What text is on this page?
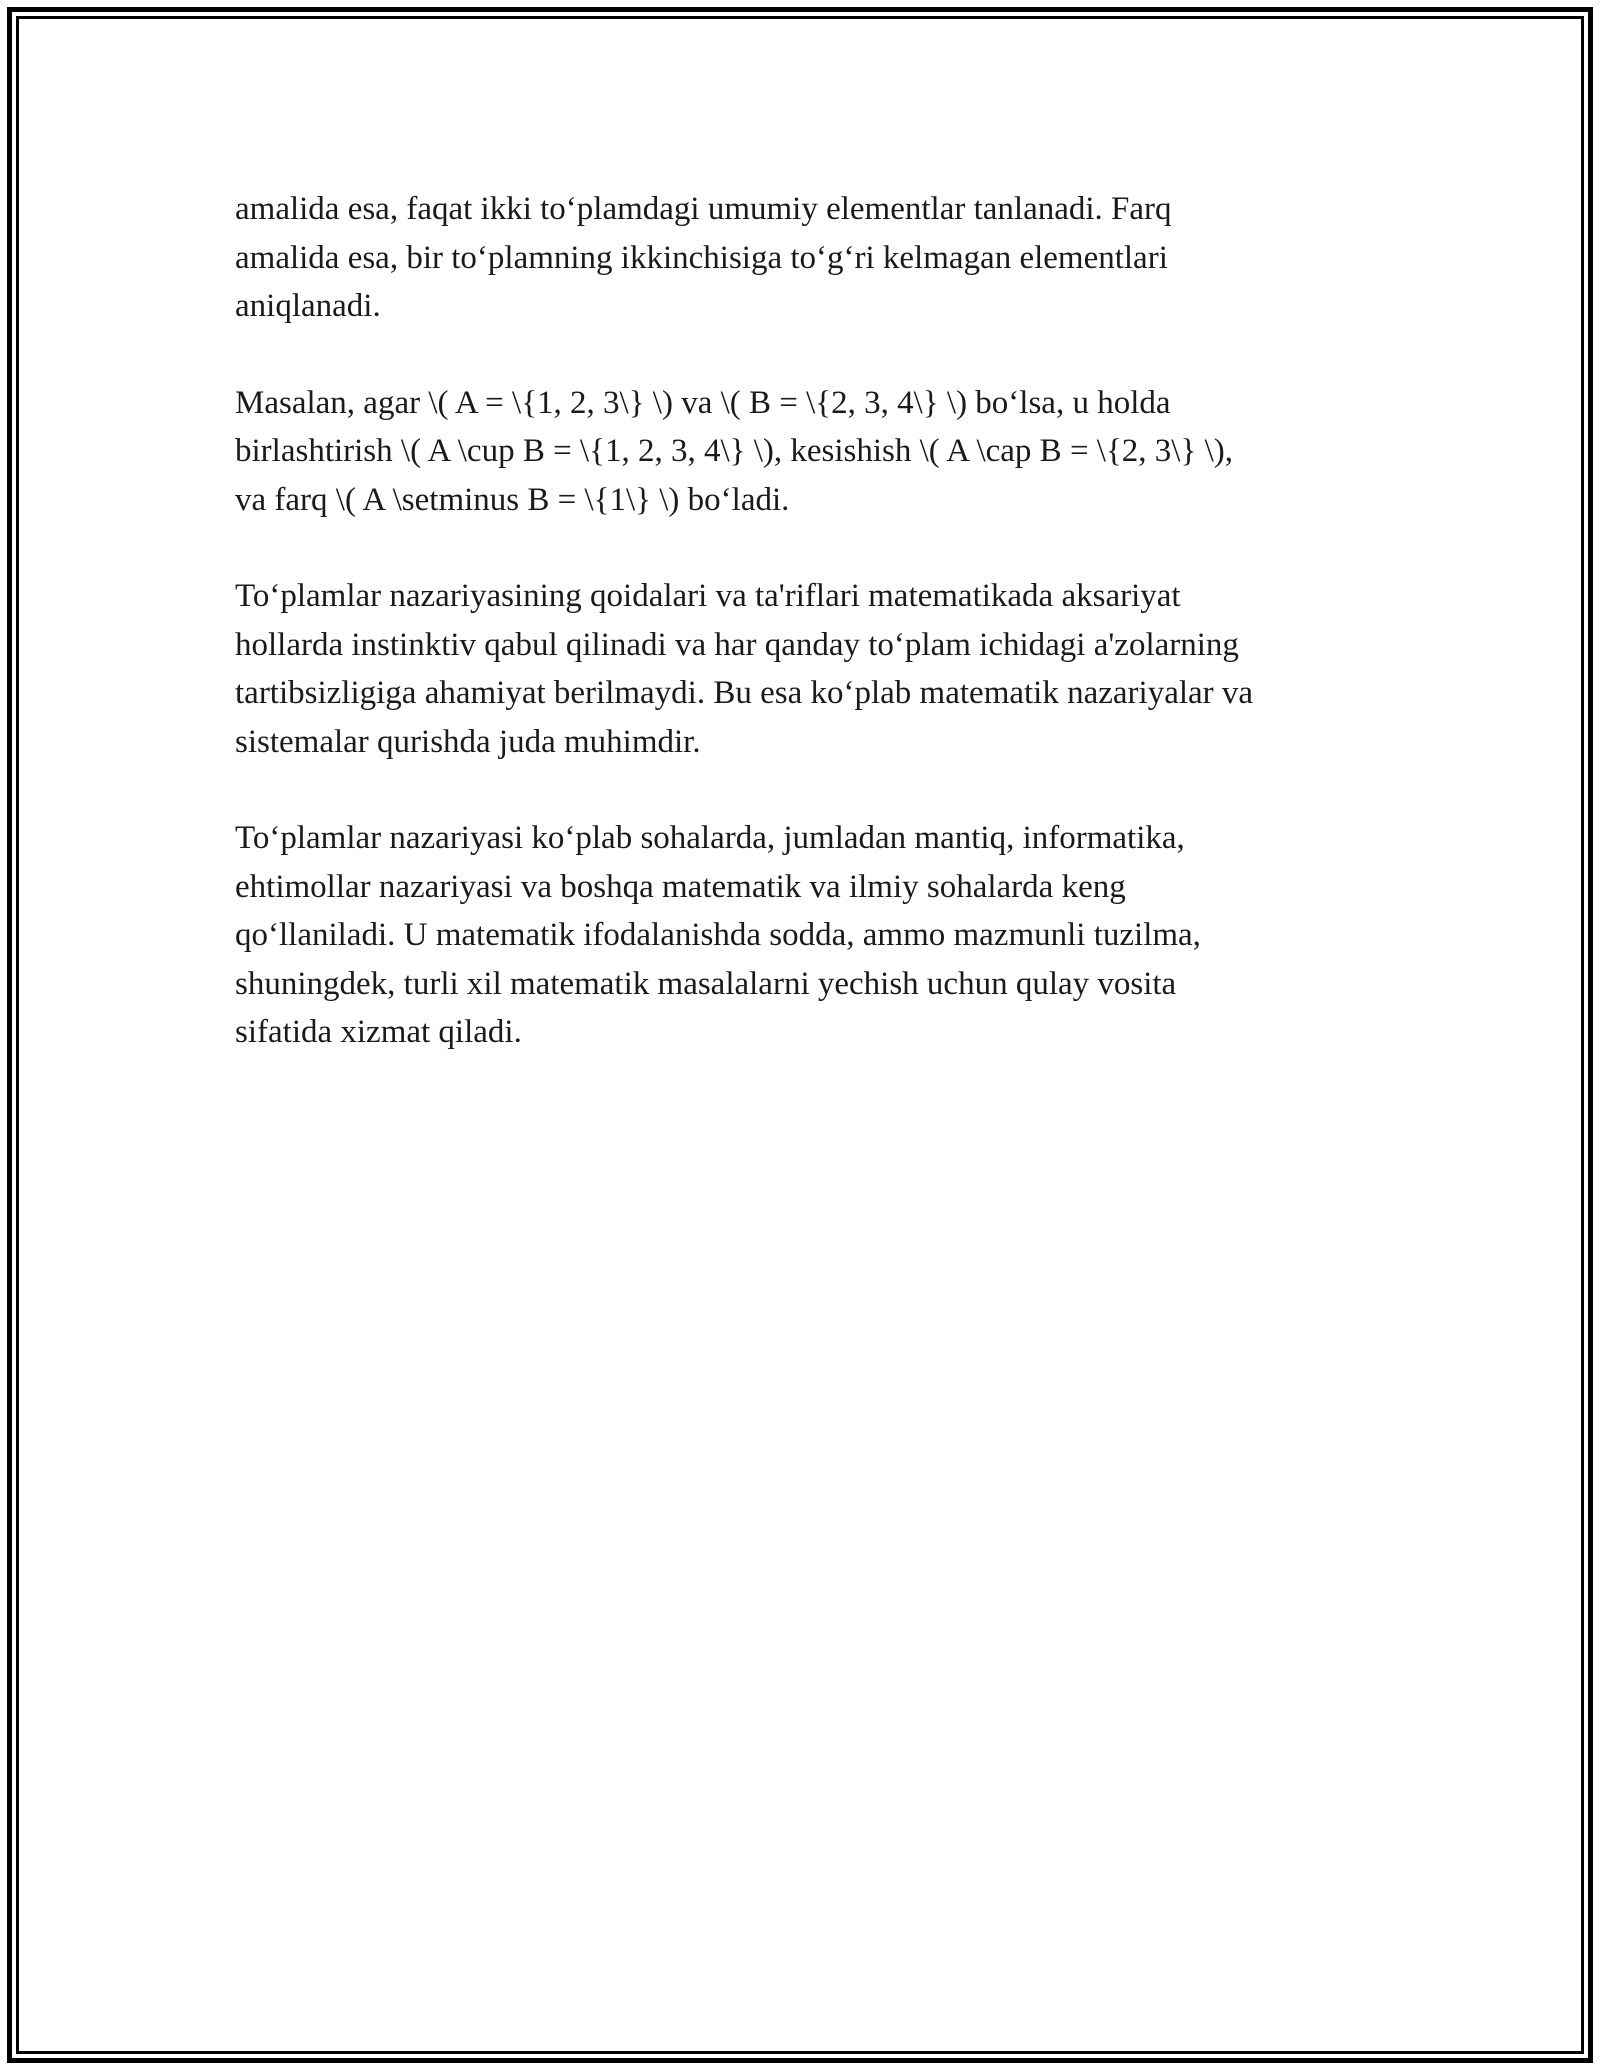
amalida esa, faqat ikki to‘plamdagi umumiy elementlar tanlanadi. Farq
amalida esa, bir to‘plamning ikkinchisiga to‘g‘ri kelmagan elementlari
aniqlanadi.

Masalan, agar \( A = \{1, 2, 3\} \) va \( B = \{2, 3, 4\} \) bo‘lsa, u holda
birlashtirish \( A \cup B = \{1, 2, 3, 4\} \), kesishish \( A \cap B = \{2, 3\} \),
va farq \( A \setminus B = \{1\} \) bo‘ladi.

To‘plamlar nazariyasining qoidalari va ta'riflari matematikada aksariyat
hollarda instinktiv qabul qilinadi va har qanday to‘plam ichidagi a'zolarning
tartibsizligiga ahamiyat berilmaydi. Bu esa ko‘plab matematik nazariyalar va
sistemalar qurishda juda muhimdir.

To‘plamlar nazariyasi ko‘plab sohalarda, jumladan mantiq, informatika,
ehtimollar nazariyasi va boshqa matematik va ilmiy sohalarda keng
qo‘llaniladi. U matematik ifodalanishda sodda, ammo mazmunli tuzilma,
shuningdek, turli xil matematik masalalarni yechish uchun qulay vosita
sifatida xizmat qiladi.
